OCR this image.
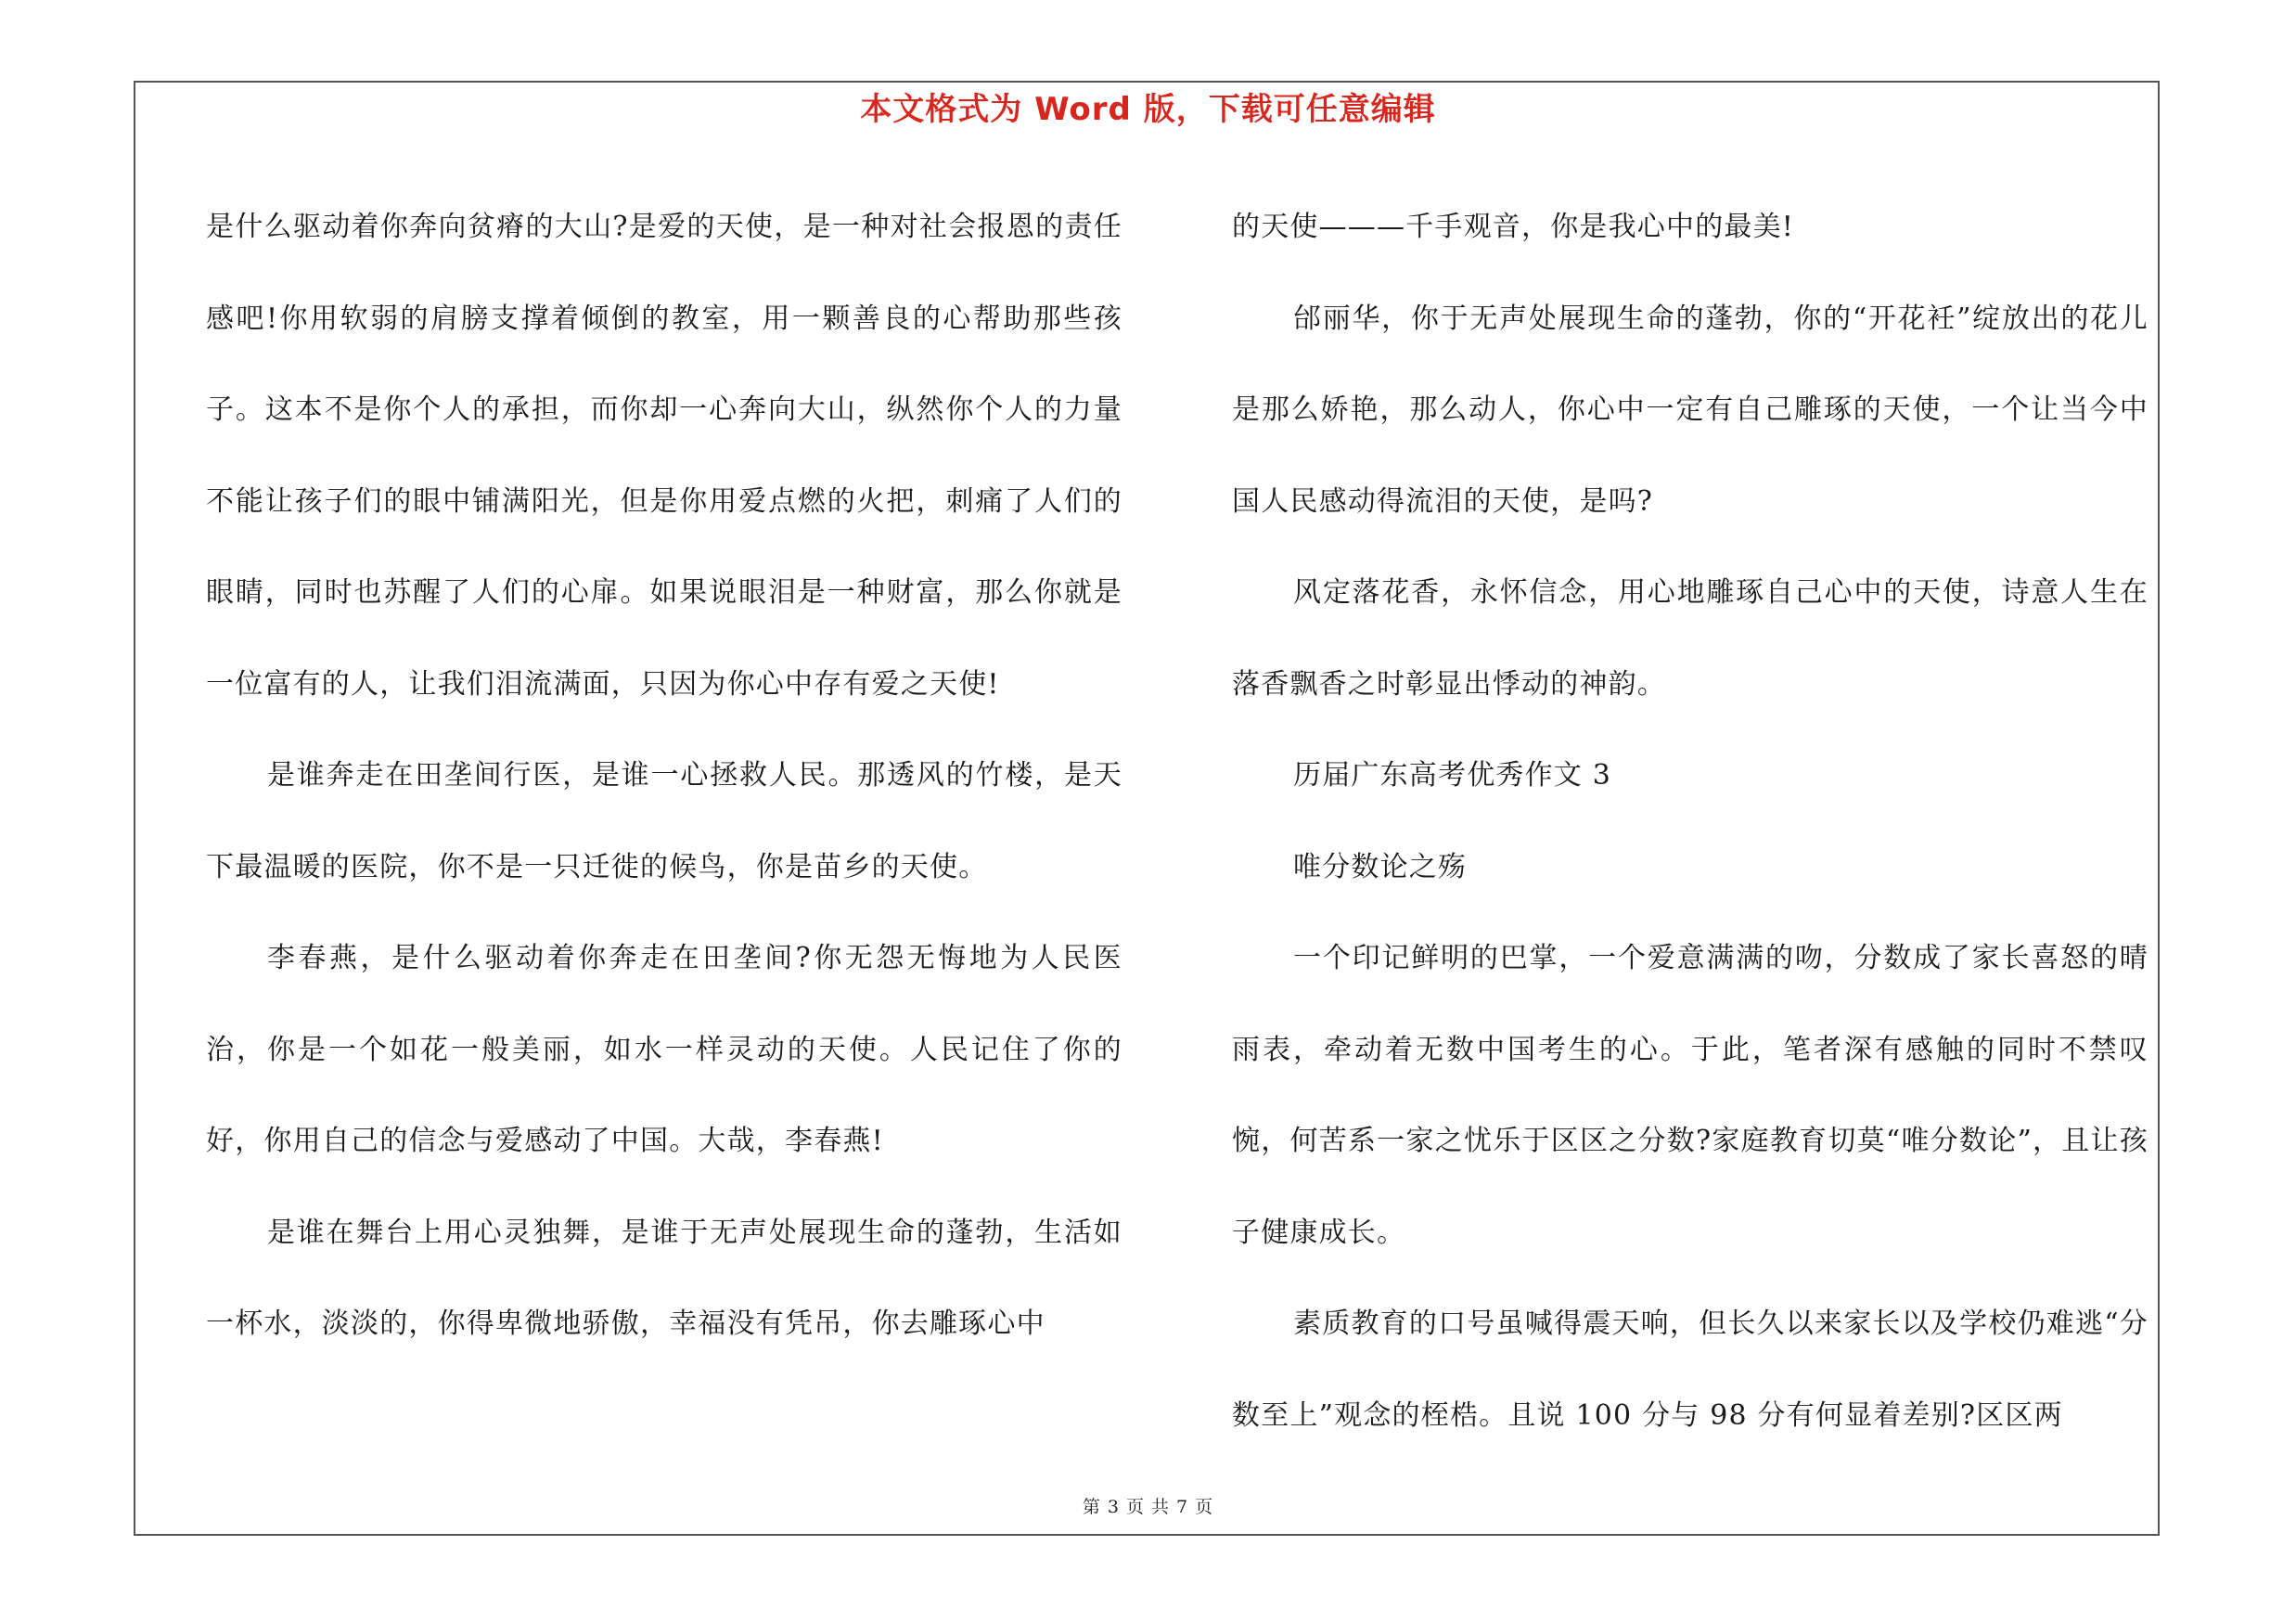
本文格式为 Word 版，下载可任意编辑

是什么驱动着你奔向贫瘠的大山?是爱的天使，是一种对社会报恩的责任感吧!你用软弱的肩膀支撑着倾倒的教室，用一颗善良的心帮助那些孩子。这本不是你个人的承担，而你却一心奔向大山，纵然你个人的力量不能让孩子们的眼中铺满阳光，但是你用爱点燃的火把，刺痛了人们的眼睛，同时也苏醒了人们的心扉。如果说眼泪是一种财富，那么你就是一位富有的人，让我们泪流满面，只因为你心中存有爱之天使!

是谁奔走在田垄间行医，是谁一心拯救人民。那透风的竹楼，是天下最温暖的医院，你不是一只迁徙的候鸟，你是苗乡的天使。

李春燕，是什么驱动着你奔走在田垄间?你无怨无悔地为人民医治，你是一个如花一般美丽，如水一样灵动的天使。人民记住了你的好，你用自己的信念与爱感动了中国。大哉，李春燕!

是谁在舞台上用心灵独舞，是谁于无声处展现生命的蓬勃，生活如一杯水，淡淡的，你得卑微地骄傲，幸福没有凭吊，你去雕琢心中

的天使———千手观音，你是我心中的最美!

邰丽华，你于无声处展现生命的蓬勃，你的“开花衽”绽放出的花儿是那么娇艳，那么动人，你心中一定有自己雕琢的天使，一个让当今中国人民感动得流泪的天使，是吗?

风定落花香，永怀信念，用心地雕琢自己心中的天使，诗意人生在落香飘香之时彰显出悸动的神韵。

历届广东高考优秀作文 3

唯分数论之殇

一个印记鲜明的巴掌，一个爱意满满的吻，分数成了家长喜怒的晴雨表，牵动着无数中国考生的心。于此，笔者深有感触的同时不禁叹惋，何苦系一家之忧乐于区区之分数?家庭教育切莫“唯分数论”，且让孩子健康成长。

素质教育的口号虽喊得震天响，但长久以来家长以及学校仍难逃“分数至上”观念的桎梏。且说 100 分与 98 分有何显着差别?区区两

第 3 页 共 7 页
